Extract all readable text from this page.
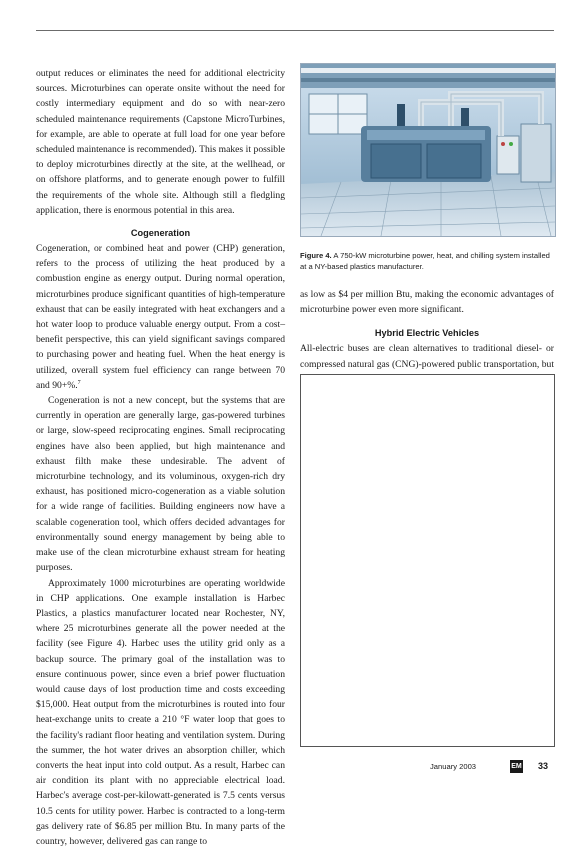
output reduces or eliminates the need for additional electricity sources. Microturbines can operate onsite without the need for costly intermediary equipment and do so with near-zero scheduled maintenance requirements (Capstone MicroTurbines, for example, are able to operate at full load for one year before scheduled maintenance is recommended). This makes it possible to deploy microturbines directly at the site, at the wellhead, or on offshore platforms, and to generate enough power to fulfill the requirements of the whole site. Although still a fledgling application, there is enormous potential in this area.

Cogeneration

Cogeneration, or combined heat and power (CHP) generation, refers to the process of utilizing the heat produced by a combustion engine as energy output. During normal operation, microturbines produce significant quantities of high-temperature exhaust that can be easily integrated with heat exchangers and a hot water loop to produce valuable energy output. From a cost–benefit perspective, this can yield significant savings compared to purchasing power and heating fuel. When the heat energy is utilized, overall system fuel efficiency can range between 70 and 90+%.$^7$

Cogeneration is not a new concept, but the systems that are currently in operation are generally large, gas-powered turbines or large, slow-speed reciprocating engines. Small reciprocating engines have also been applied, but high maintenance and exhaust filth make these undesirable. The advent of microturbine technology, and its voluminous, oxygen-rich dry exhaust, has positioned micro-cogeneration as a viable solution for a wide range of facilities. Building engineers now have a scalable cogeneration tool, which offers decided advantages for environmentally sound energy management by being able to make use of the clean microturbine exhaust stream for heating purposes.

Approximately 1000 microturbines are operating worldwide in CHP applications. One example installation is Harbec Plastics, a plastics manufacturer located near Rochester, NY, where 25 microturbines generate all the power needed at the facility (see Figure 4). Harbec uses the utility grid only as a backup source. The primary goal of the installation was to ensure continuous power, since even a brief power fluctuation would cause days of lost production time and costs exceeding $15,000. Heat output from the microturbines is routed into four heat-exchange units to create a 210 °F water loop that goes to the facility's radiant floor heating and ventilation system. During the summer, the hot water drives an absorption chiller, which converts the heat input into cold output. As a result, Harbec can air condition its plant with no appreciable electrical load. Harbec's average cost-per-kilowatt-generated is 7.5 cents versus 10.5 cents for utility power. Harbec is contracted to a long-term gas delivery rate of $6.85 per million Btu. In many parts of the country, however, delivered gas can range to

Figure 4. A 750-kW microturbine power, heat, and chilling system installed at a NY-based plastics manufacturer.

as low as $4 per million Btu, making the economic advantages of microturbine power even more significant.

Hybrid Electric Vehicles

All-electric buses are clean alternatives to traditional diesel- or compressed natural gas (CNG)-powered public transportation, but

January 2003	EM 33
